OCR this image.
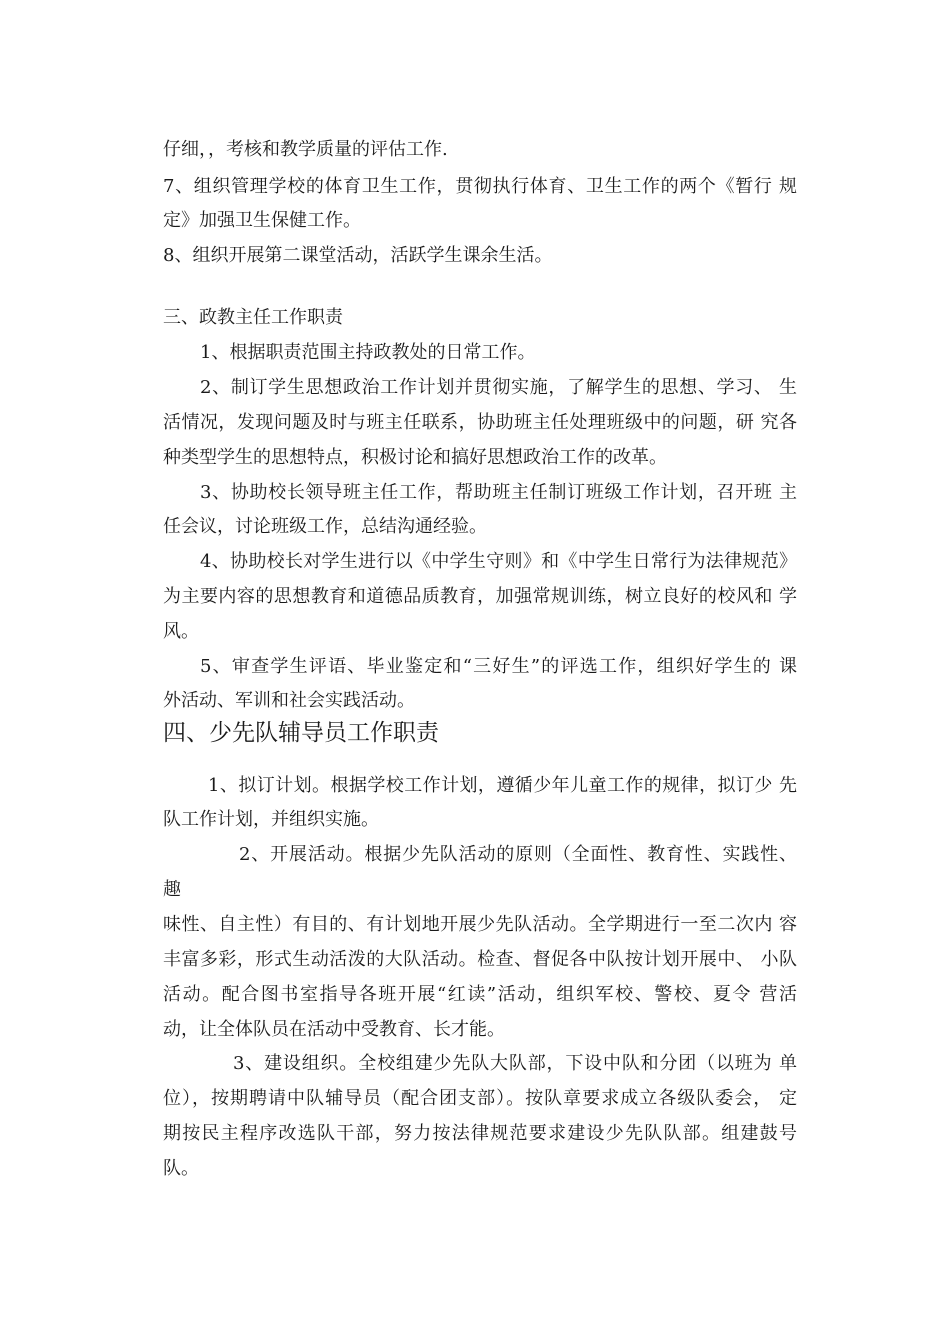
仔细，，考核和教学质量的评估工作.
7、组织管理学校的体育卫生工作，贯彻执行体育、卫生工作的两个《暂行 规
定》加强卫生保健工作。
8、组织开展第二课堂活动，活跃学生课余生活。
三、政教主任工作职责
1、根据职责范围主持政教处的日常工作。
2、制订学生思想政治工作计划并贯彻实施，了解学生的思想、学习、 生
活情况，发现问题及时与班主任联系，协助班主任处理班级中的问题，研 究各
种类型学生的思想特点，积极讨论和搞好思想政治工作的改革。
3、协助校长领导班主任工作，帮助班主任制订班级工作计划，召开班 主
任会议，讨论班级工作，总结沟通经验。
4、协助校长对学生进行以《中学生守则》和《中学生日常行为法律规范》
为主要内容的思想教育和道德品质教育，加强常规训练，树立良好的校风和 学
风。
5、审查学生评语、毕业鉴定和“三好生”的评选工作，组织好学生的 课
外活动、军训和社会实践活动。
四、少先队辅导员工作职责
1、拟订计划。根据学校工作计划，遵循少年儿童工作的规律，拟订少 先
队工作计划，并组织实施。
2、开展活动。根据少先队活动的原则（全面性、教育性、实践性、
趣
味性、自主性）有目的、有计划地开展少先队活动。全学期进行一至二次内 容
丰富多彩，形式生动活泼的大队活动。检查、督促各中队按计划开展中、 小队
活动。配合图书室指导各班开展“红读”活动，组织军校、警校、夏令 营活
动，让全体队员在活动中受教育、长才能。
3、建设组织。全校组建少先队大队部，下设中队和分团（以班为 单
位），按期聘请中队辅导员（配合团支部）。按队章要求成立各级队委会， 定
期按民主程序改选队干部，努力按法律规范要求建设少先队队部。组建鼓号
队。
